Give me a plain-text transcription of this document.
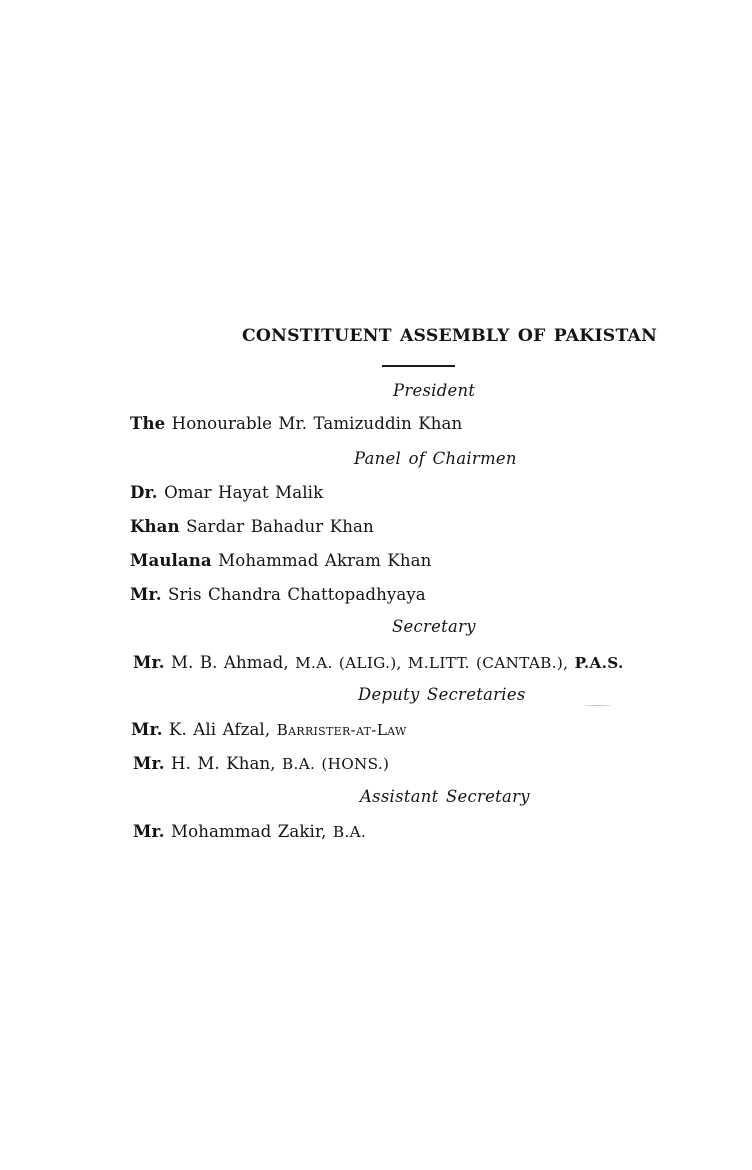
CONSTITUENT ASSEMBLY OF PAKISTAN
President
The Honourable Mr. Tamizuddin Khan
Panel of Chairmen
Dr. Omar Hayat Malik
Khan Sardar Bahadur Khan
Maulana Mohammad Akram Khan
Mr. Sris Chandra Chattopadhyaya
Secretary
Mr. M. B. Ahmad, M.A. (ALIG.), M.LITT. (CANTAB.), P.A.S.
Deputy Secretaries
Mr. K. Ali Afzal, Barrister-at-Law
Mr. H. M. Khan, B.A. (HONS.)
Assistant Secretary
Mr. Mohammad Zakir, B.A.
